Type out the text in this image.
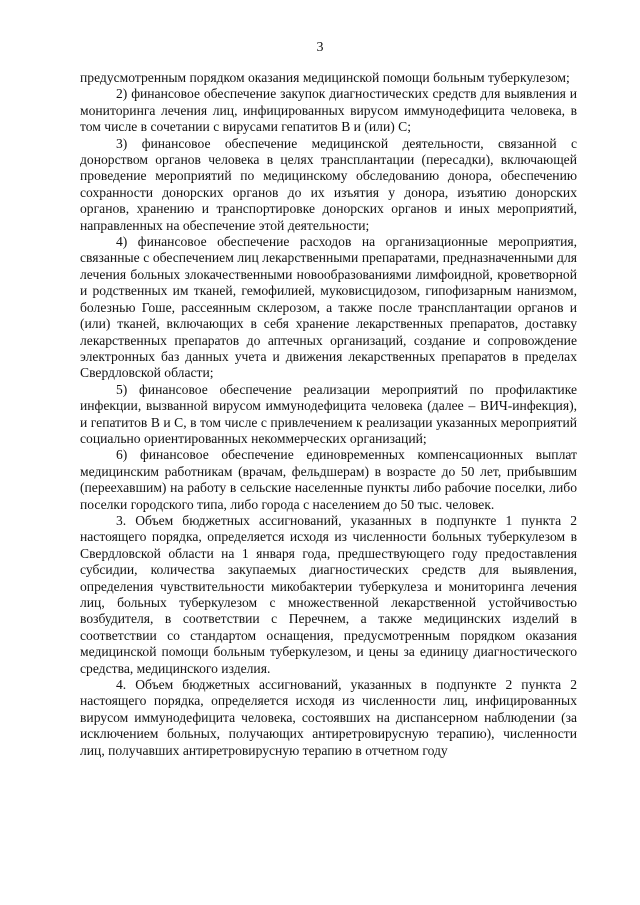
3

предусмотренным порядком оказания медицинской помощи больным туберкулезом;

2) финансовое обеспечение закупок диагностических средств для выявления и мониторинга лечения лиц, инфицированных вирусом иммунодефицита человека, в том числе в сочетании с вирусами гепатитов В и (или) С;

3) финансовое обеспечение медицинской деятельности, связанной с донорством органов человека в целях трансплантации (пересадки), включающей проведение мероприятий по медицинскому обследованию донора, обеспечению сохранности донорских органов до их изъятия у донора, изъятию донорских органов, хранению и транспортировке донорских органов и иных мероприятий, направленных на обеспечение этой деятельности;

4) финансовое обеспечение расходов на организационные мероприятия, связанные с обеспечением лиц лекарственными препаратами, предназначенными для лечения больных злокачественными новообразованиями лимфоидной, кроветворной и родственных им тканей, гемофилией, муковисцидозом, гипофизарным нанизмом, болезнью Гоше, рассеянным склерозом, а также после трансплантации органов и (или) тканей, включающих в себя хранение лекарственных препаратов, доставку лекарственных препаратов до аптечных организаций, создание и сопровождение электронных баз данных учета и движения лекарственных препаратов в пределах Свердловской области;

5) финансовое обеспечение реализации мероприятий по профилактике инфекции, вызванной вирусом иммунодефицита человека (далее – ВИЧ-инфекция), и гепатитов В и С, в том числе с привлечением к реализации указанных мероприятий социально ориентированных некоммерческих организаций;

6) финансовое обеспечение единовременных компенсационных выплат медицинским работникам (врачам, фельдшерам) в возрасте до 50 лет, прибывшим (переехавшим) на работу в сельские населенные пункты либо рабочие поселки, либо поселки городского типа, либо города с населением до 50 тыс. человек.

3. Объем бюджетных ассигнований, указанных в подпункте 1 пункта 2 настоящего порядка, определяется исходя из численности больных туберкулезом в Свердловской области на 1 января года, предшествующего году предоставления субсидии, количества закупаемых диагностических средств для выявления, определения чувствительности микобактерии туберкулеза и мониторинга лечения лиц, больных туберкулезом с множественной лекарственной устойчивостью возбудителя, в соответствии с Перечнем, а также медицинских изделий в соответствии со стандартом оснащения, предусмотренным порядком оказания медицинской помощи больным туберкулезом, и цены за единицу диагностического средства, медицинского изделия.

4. Объем бюджетных ассигнований, указанных в подпункте 2 пункта 2 настоящего порядка, определяется исходя из численности лиц, инфицированных вирусом иммунодефицита человека, состоявших на диспансерном наблюдении (за исключением больных, получающих антиретровирусную терапию), численности лиц, получавших антиретровирусную терапию в отчетном году
